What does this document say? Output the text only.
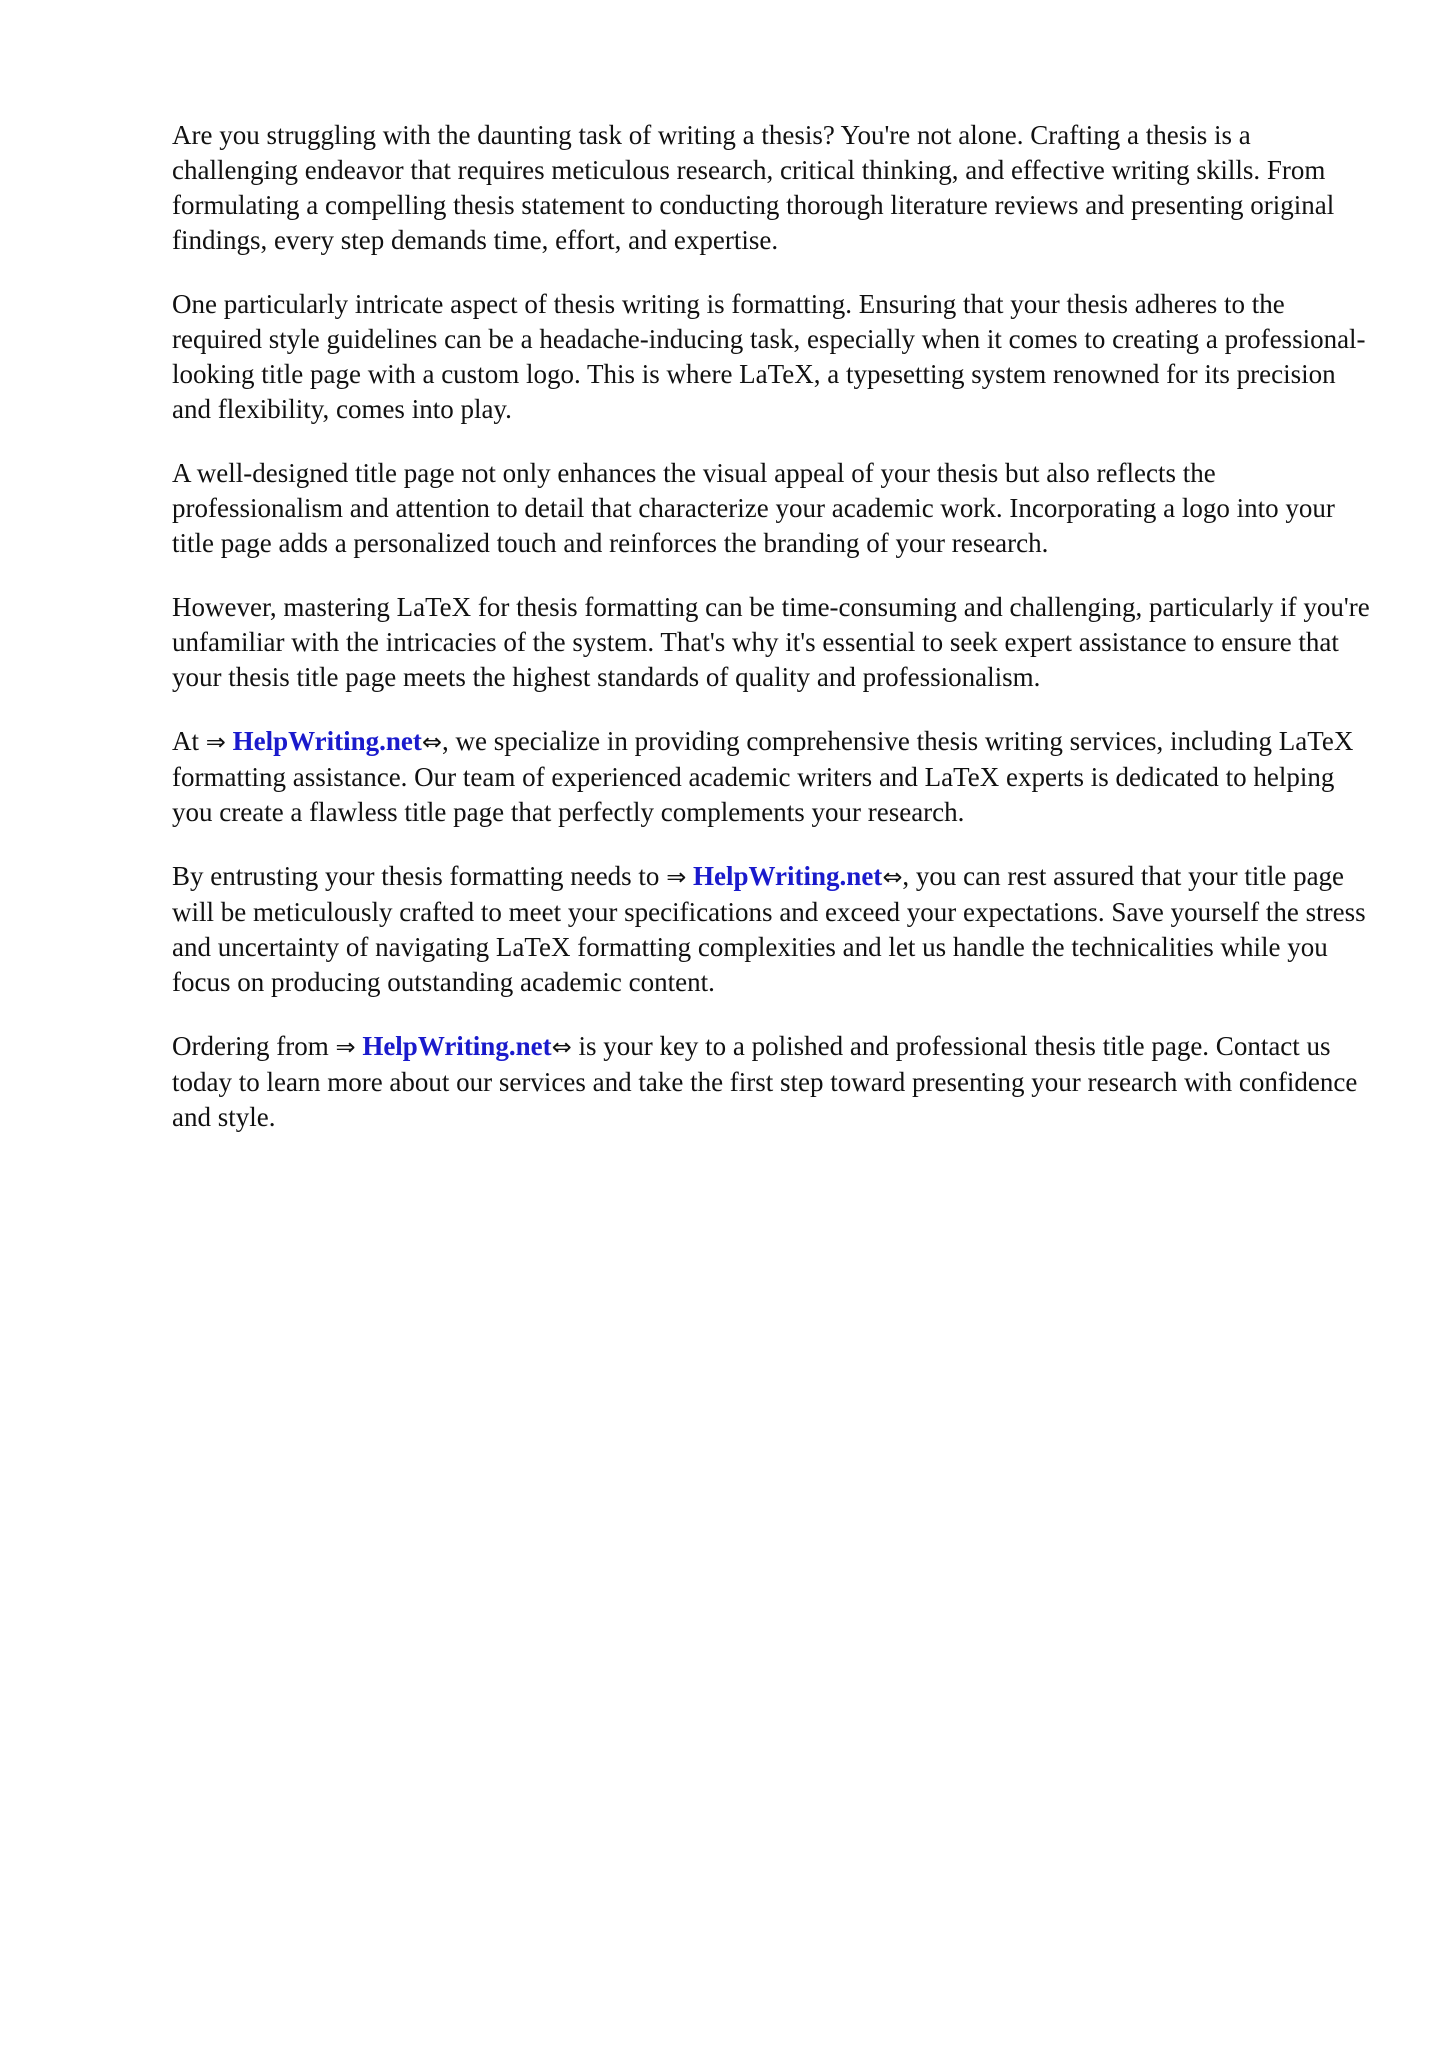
Are you struggling with the daunting task of writing a thesis? You're not alone. Crafting a thesis is a challenging endeavor that requires meticulous research, critical thinking, and effective writing skills. From formulating a compelling thesis statement to conducting thorough literature reviews and presenting original findings, every step demands time, effort, and expertise.

One particularly intricate aspect of thesis writing is formatting. Ensuring that your thesis adheres to the required style guidelines can be a headache-inducing task, especially when it comes to creating a professional-looking title page with a custom logo. This is where LaTeX, a typesetting system renowned for its precision and flexibility, comes into play.

A well-designed title page not only enhances the visual appeal of your thesis but also reflects the professionalism and attention to detail that characterize your academic work. Incorporating a logo into your title page adds a personalized touch and reinforces the branding of your research.

However, mastering LaTeX for thesis formatting can be time-consuming and challenging, particularly if you're unfamiliar with the intricacies of the system. That's why it's essential to seek expert assistance to ensure that your thesis title page meets the highest standards of quality and professionalism.

At ⇒ HelpWriting.net⇔, we specialize in providing comprehensive thesis writing services, including LaTeX formatting assistance. Our team of experienced academic writers and LaTeX experts is dedicated to helping you create a flawless title page that perfectly complements your research.

By entrusting your thesis formatting needs to ⇒ HelpWriting.net⇔, you can rest assured that your title page will be meticulously crafted to meet your specifications and exceed your expectations. Save yourself the stress and uncertainty of navigating LaTeX formatting complexities and let us handle the technicalities while you focus on producing outstanding academic content.

Ordering from ⇒ HelpWriting.net⇔ is your key to a polished and professional thesis title page. Contact us today to learn more about our services and take the first step toward presenting your research with confidence and style.
